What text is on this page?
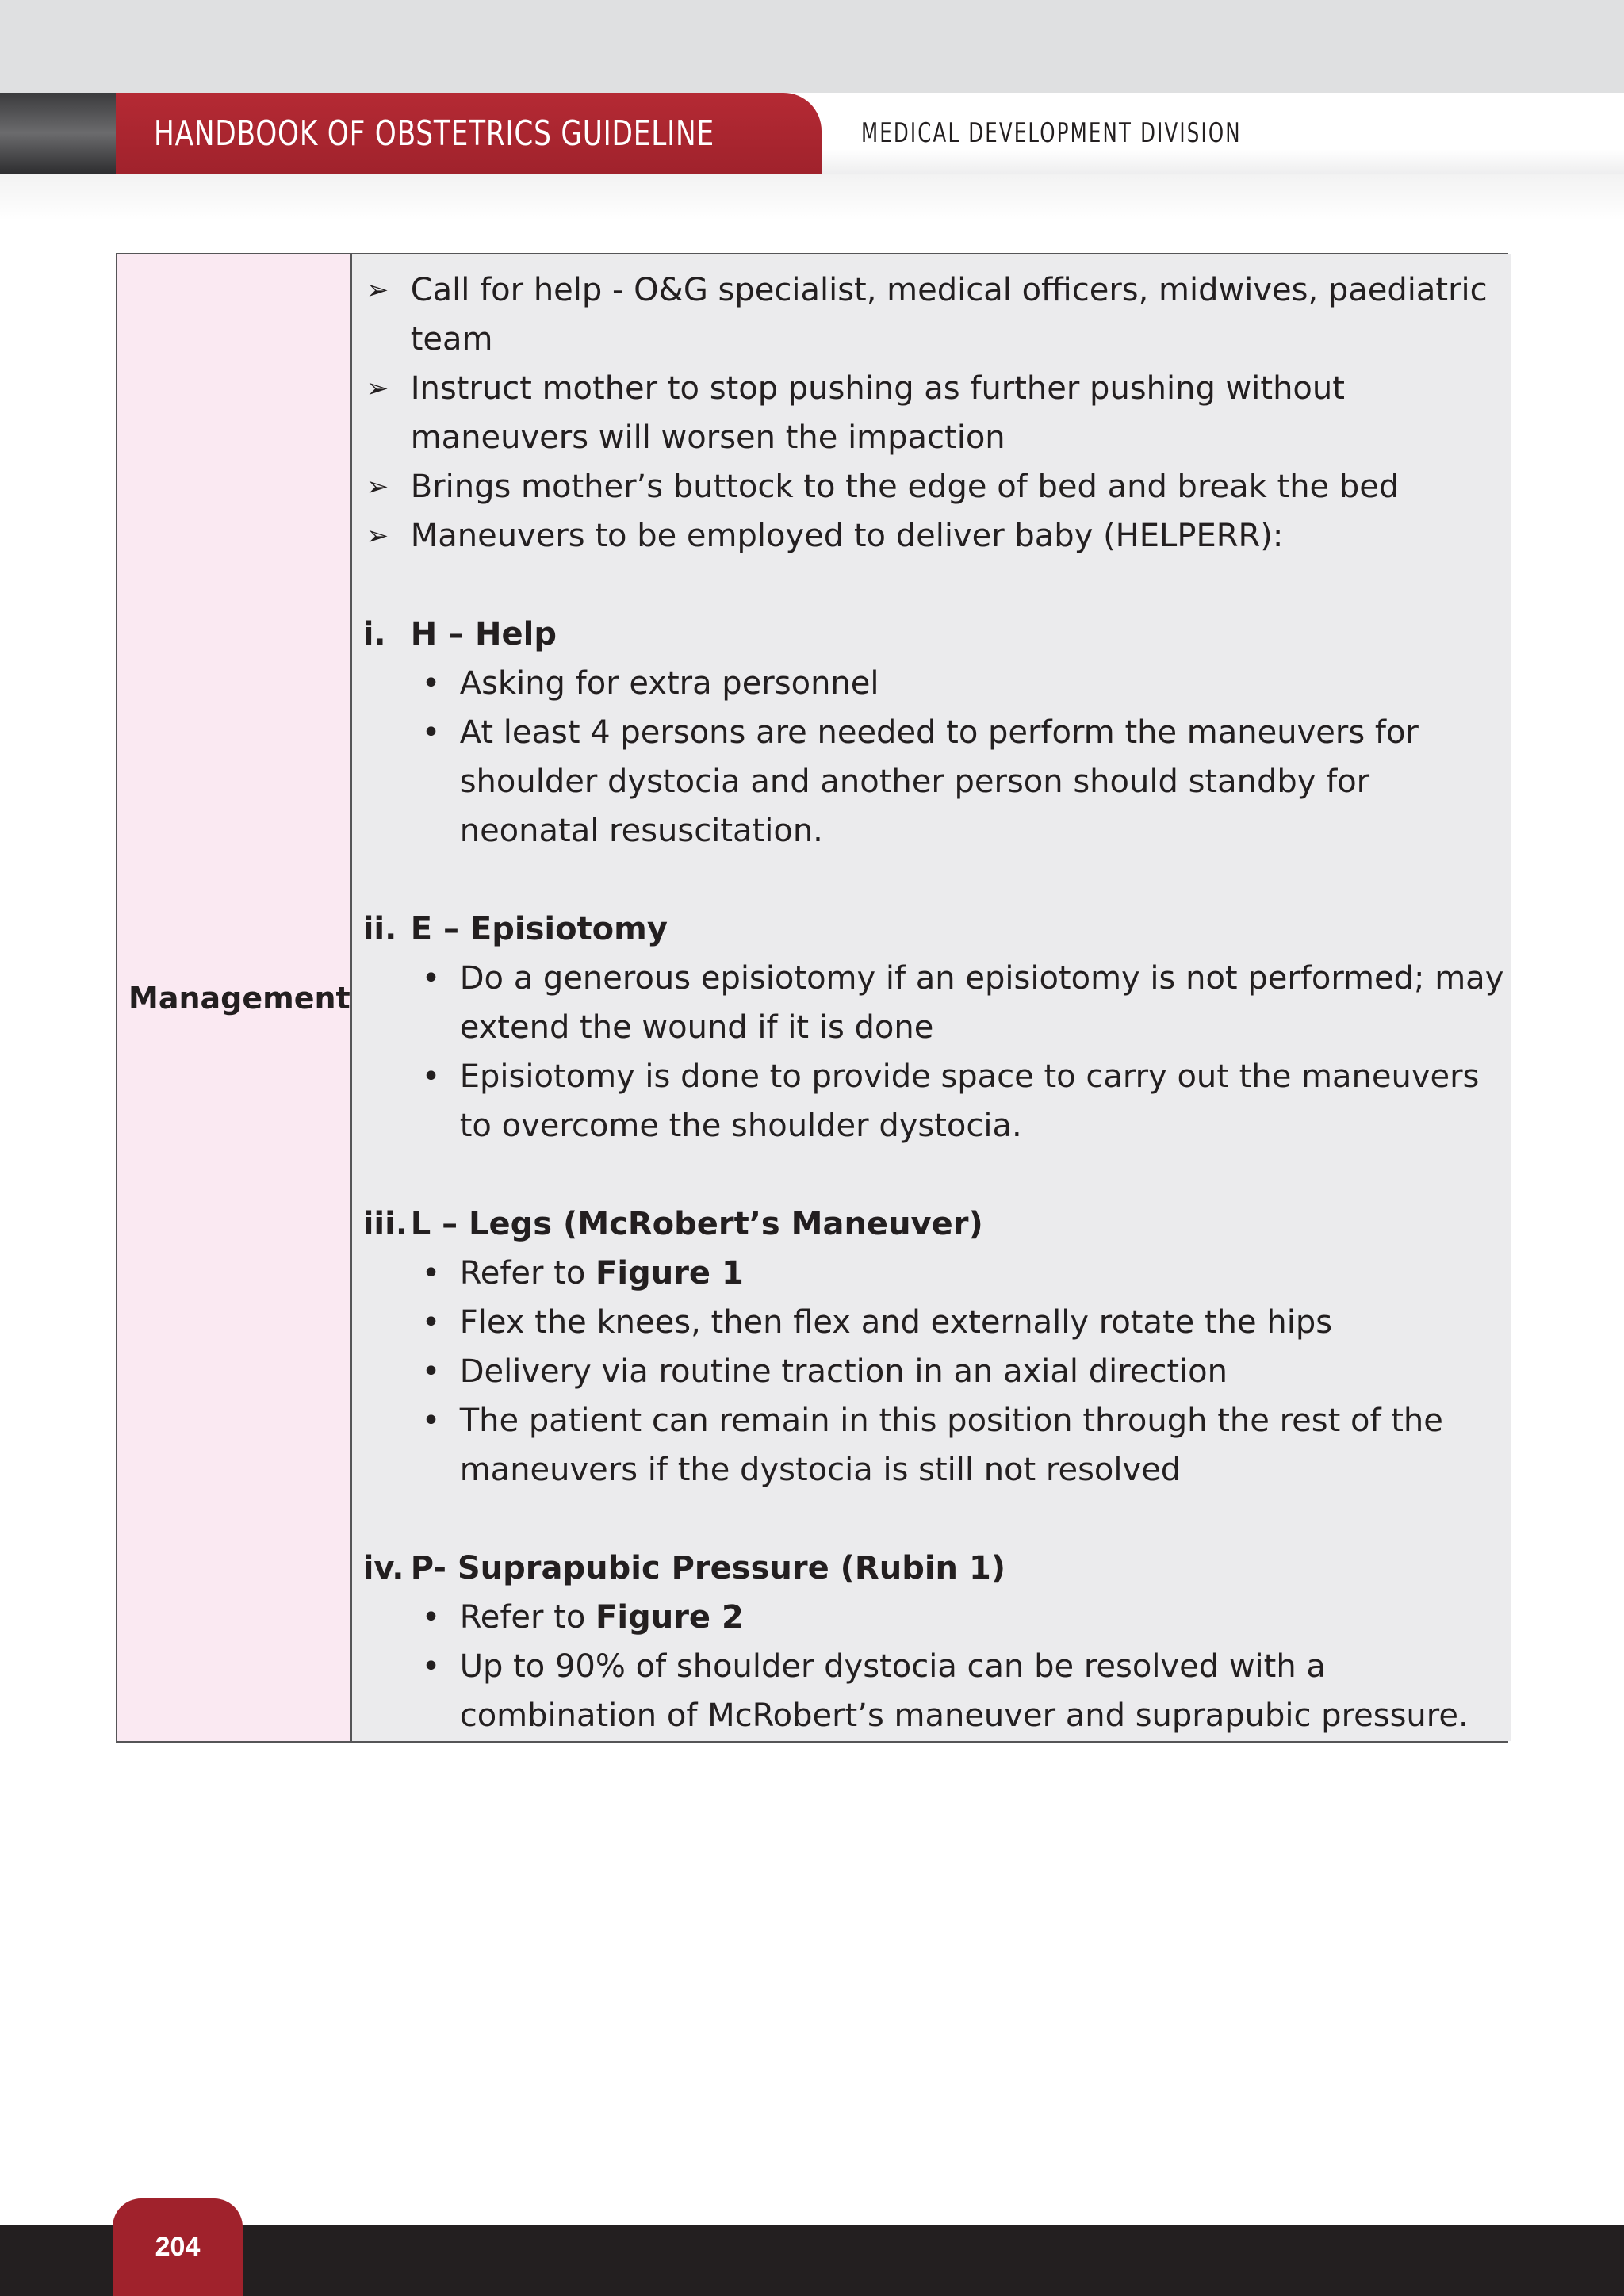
HANDBOOK OF OBSTETRICS GUIDELINE	MEDICAL DEVELOPMENT DIVISION
Management
➢ Call for help - O&G specialist, medical officers, midwives, paediatric
team
➢ Instruct mother to stop pushing as further pushing without
maneuvers will worsen the impaction
➢ Brings mother’s buttock to the edge of bed and break the bed
➢ Maneuvers to be employed to deliver baby (HELPERR):
i. H – Help
• Asking for extra personnel
• At least 4 persons are needed to perform the maneuvers for
shoulder dystocia and another person should standby for
neonatal resuscitation.
ii. E – Episiotomy
• Do a generous episiotomy if an episiotomy is not performed; may
extend the wound if it is done
• Episiotomy is done to provide space to carry out the maneuvers
to overcome the shoulder dystocia.
iii. L – Legs (McRobert’s Maneuver)
• Refer to Figure 1
• Flex the knees, then flex and externally rotate the hips
• Delivery via routine traction in an axial direction
• The patient can remain in this position through the rest of the
maneuvers if the dystocia is still not resolved
iv. P- Suprapubic Pressure (Rubin 1)
• Refer to Figure 2
• Up to 90% of shoulder dystocia can be resolved with a
combination of McRobert’s maneuver and suprapubic pressure.
204
